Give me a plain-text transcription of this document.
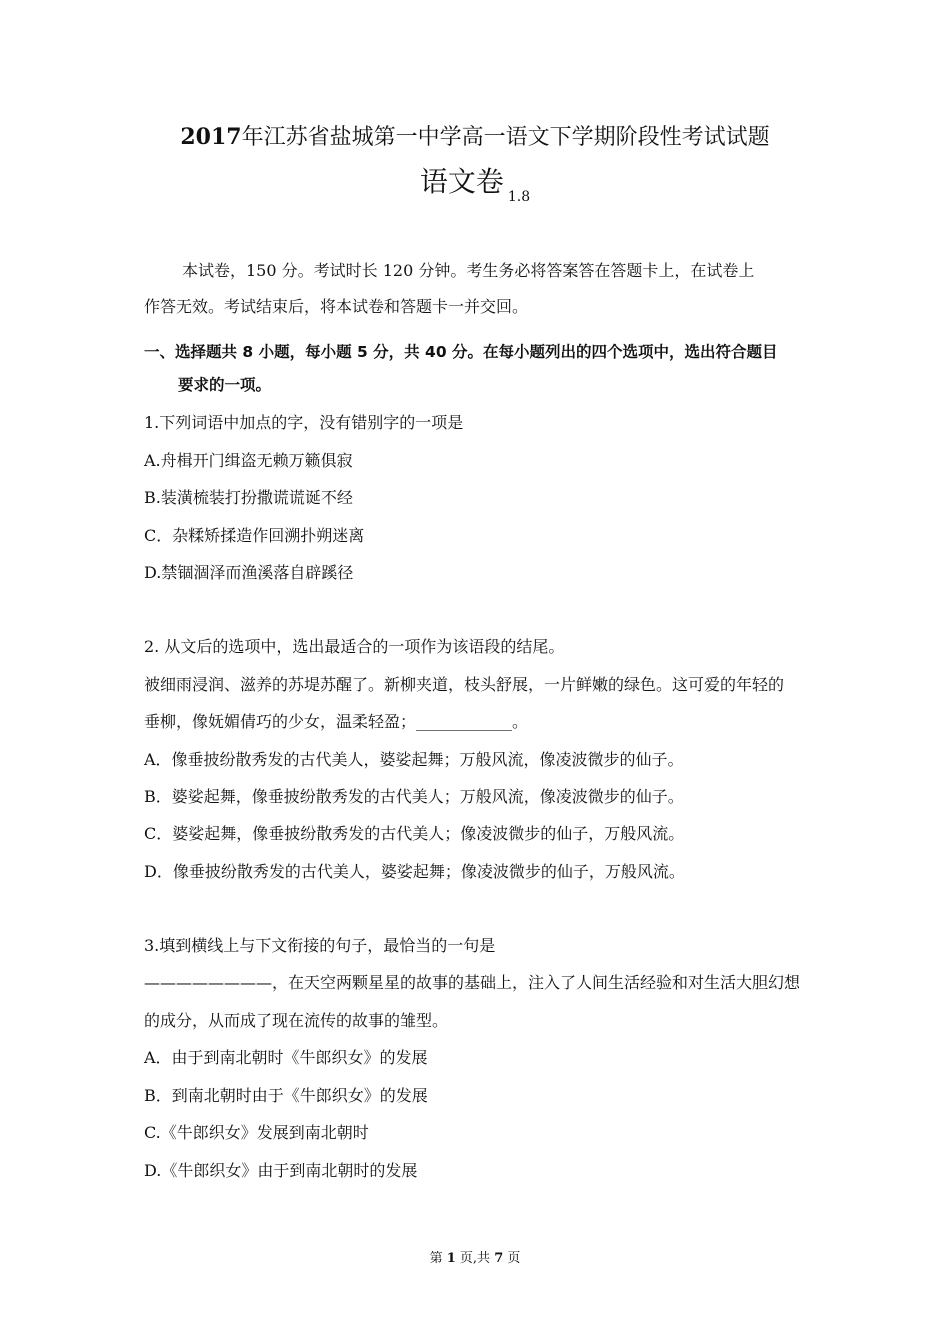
2017年江苏省盐城第一中学高一语文下学期阶段性考试试题
语文卷 1.8
本试卷，150 分。考试时长 120 分钟。考生务必将答案答在答题卡上，在试卷上
作答无效。考试结束后，将本试卷和答题卡一并交回。
一、选择题共 8 小题，每小题 5 分，共 40 分。在每小题列出的四个选项中，选出符合题目
要求的一项。
1.下列词语中加点的字，没有错别字的一项是
A.舟楫开门缉盗无赖万籁俱寂
B.装潢梳装打扮撒谎谎诞不经
C．杂糅矫揉造作回溯扑朔迷离
D.禁锢涸泽而渔溪落自辟蹊径
2. 从文后的选项中，选出最适合的一项作为该语段的结尾。
被细雨浸润、滋养的苏堤苏醒了。新柳夹道，枝头舒展，一片鲜嫩的绿色。这可爱的年轻的
垂柳，像妩媚倩巧的少女，温柔轻盈；____________。
A．像垂披纷散秀发的古代美人，婆娑起舞；万般风流，像凌波微步的仙子。
B．婆娑起舞，像垂披纷散秀发的古代美人；万般风流，像凌波微步的仙子。
C．婆娑起舞，像垂披纷散秀发的古代美人；像凌波微步的仙子，万般风流。
D．像垂披纷散秀发的古代美人，婆娑起舞；像凌波微步的仙子，万般风流。
3.填到横线上与下文衔接的句子，最恰当的一句是
————————，在天空两颗星星的故事的基础上，注入了人间生活经验和对生活大胆幻想
的成分，从而成了现在流传的故事的雏型。
A．由于到南北朝时《牛郎织女》的发展
B．到南北朝时由于《牛郎织女》的发展
C.《牛郎织女》发展到南北朝时
D.《牛郎织女》由于到南北朝时的发展
第 1 页,共 7 页
